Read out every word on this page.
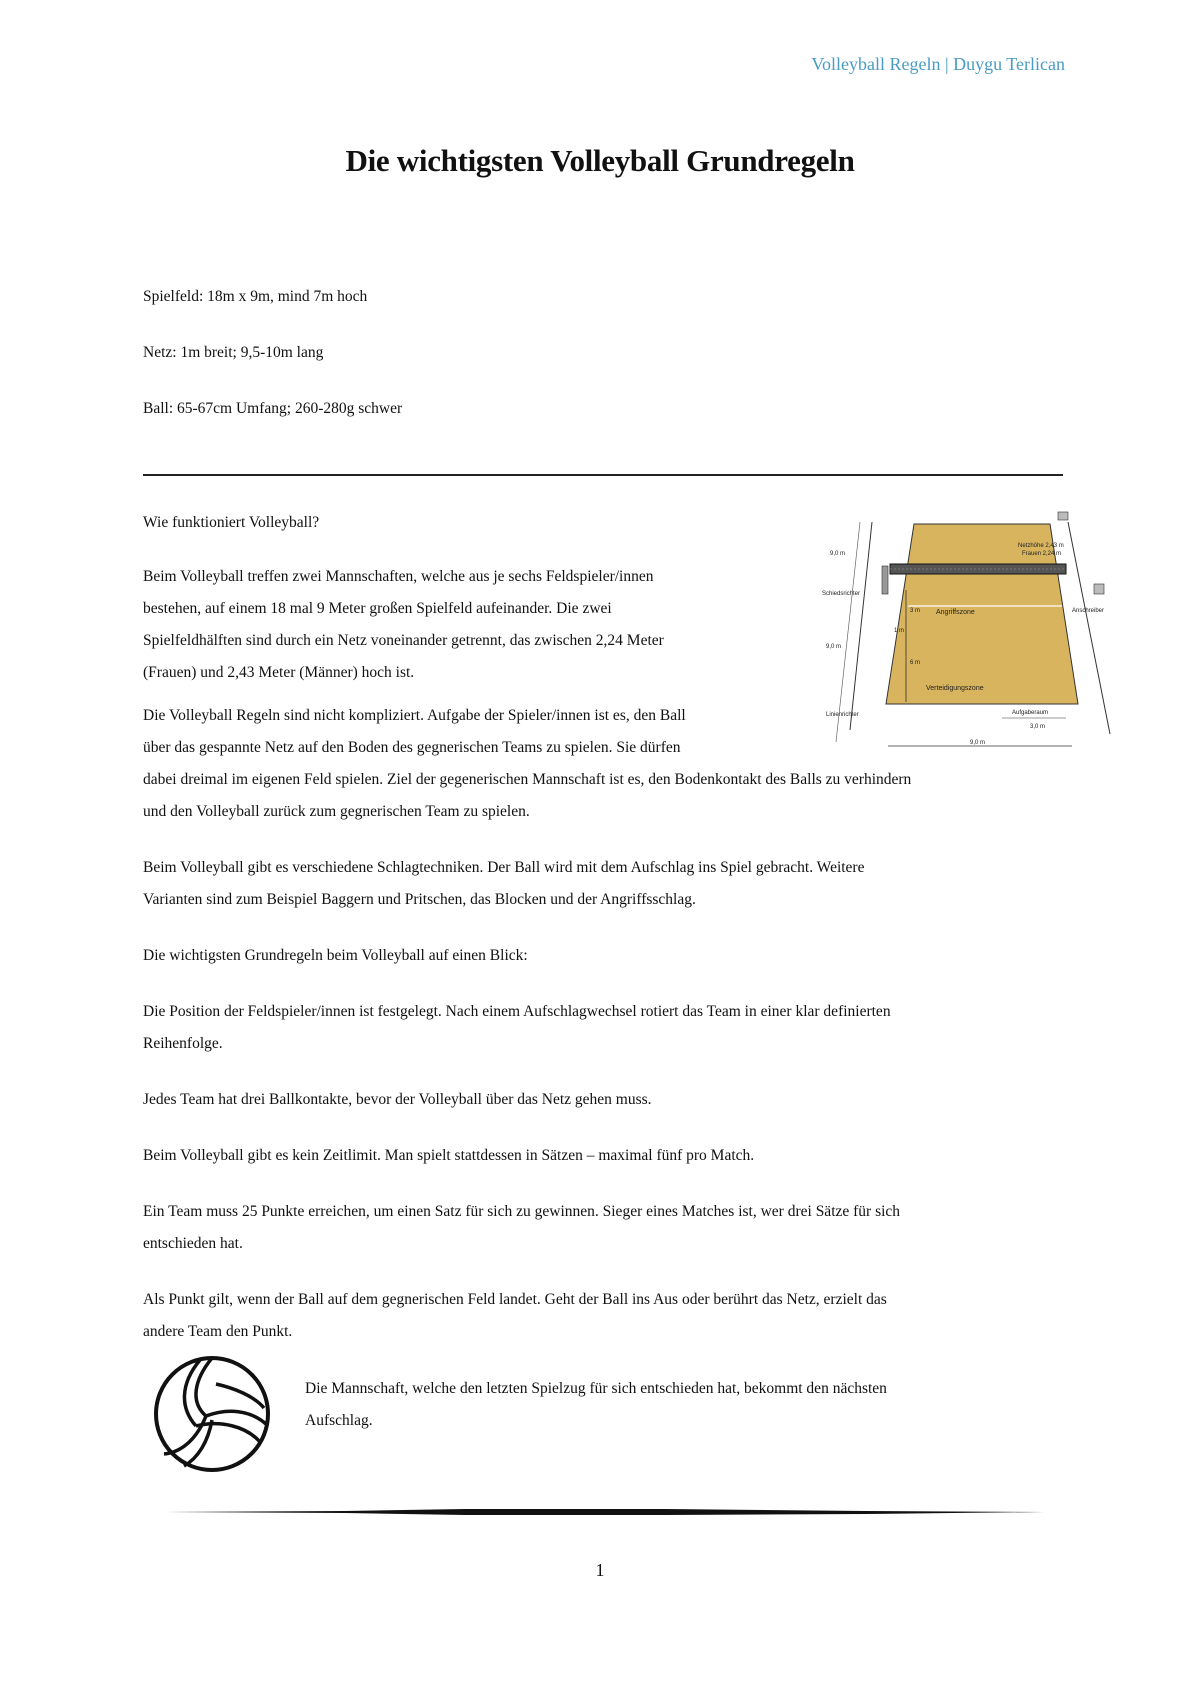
Volleyball Regeln | Duygu Terlican
Die wichtigsten Volleyball Grundregeln

Spielfeld: 18m x 9m, mind 7m hoch

Netz: 1m breit; 9,5-10m lang

Ball: 65-67cm Umfang; 260-280g schwer

Wie funktioniert Volleyball?

Beim Volleyball treffen zwei Mannschaften, welche aus je sechs Feldspieler/innen

bestehen, auf einem 18 mal 9 Meter großen Spielfeld aufeinander. Die zwei

Spielfeldhälften sind durch ein Netz voneinander getrennt, das zwischen 2,24 Meter

(Frauen) und 2,43 Meter (Männer) hoch ist.

Die Volleyball Regeln sind nicht kompliziert. Aufgabe der Spieler/innen ist es, den Ball

über das gespannte Netz auf den Boden des gegnerischen Teams zu spielen. Sie dürfen

dabei dreimal im eigenen Feld spielen. Ziel der gegenerischen Mannschaft ist es, den Bodenkontakt des Balls zu verhindern

und den Volleyball zurück zum gegnerischen Team zu spielen.

Beim Volleyball gibt es verschiedene Schlagtechniken. Der Ball wird mit dem Aufschlag ins Spiel gebracht. Weitere

Varianten sind zum Beispiel Baggern und Pritschen, das Blocken und der Angriffsschlag.

Die wichtigsten Grundregeln beim Volleyball auf einen Blick:

Die Position der Feldspieler/innen ist festgelegt. Nach einem Aufschlagwechsel rotiert das Team in einer klar definierten

Reihenfolge.

Jedes Team hat drei Ballkontakte, bevor der Volleyball über das Netz gehen muss.

Beim Volleyball gibt es kein Zeitlimit. Man spielt stattdessen in Sätzen – maximal fünf pro Match.

Ein Team muss 25 Punkte erreichen, um einen Satz für sich zu gewinnen. Sieger eines Matches ist, wer drei Sätze für sich

entschieden hat.

Als Punkt gilt, wenn der Ball auf dem gegnerischen Feld landet. Geht der Ball ins Aus oder berührt das Netz, erzielt das

andere Team den Punkt.

Die Mannschaft, welche den letzten Spielzug für sich entschieden hat, bekommt den nächsten

Aufschlag.

9,0 m
Netzhöhe 2,43 m
Frauen 2,24 m
Schiedsrichter
Anschreiber
Angriffszone
Verteidigungszone
3 m
6 m
1 m
9,0 m
Linienrichter	Aufgaberaum
3,0 m
9,0 m
1
